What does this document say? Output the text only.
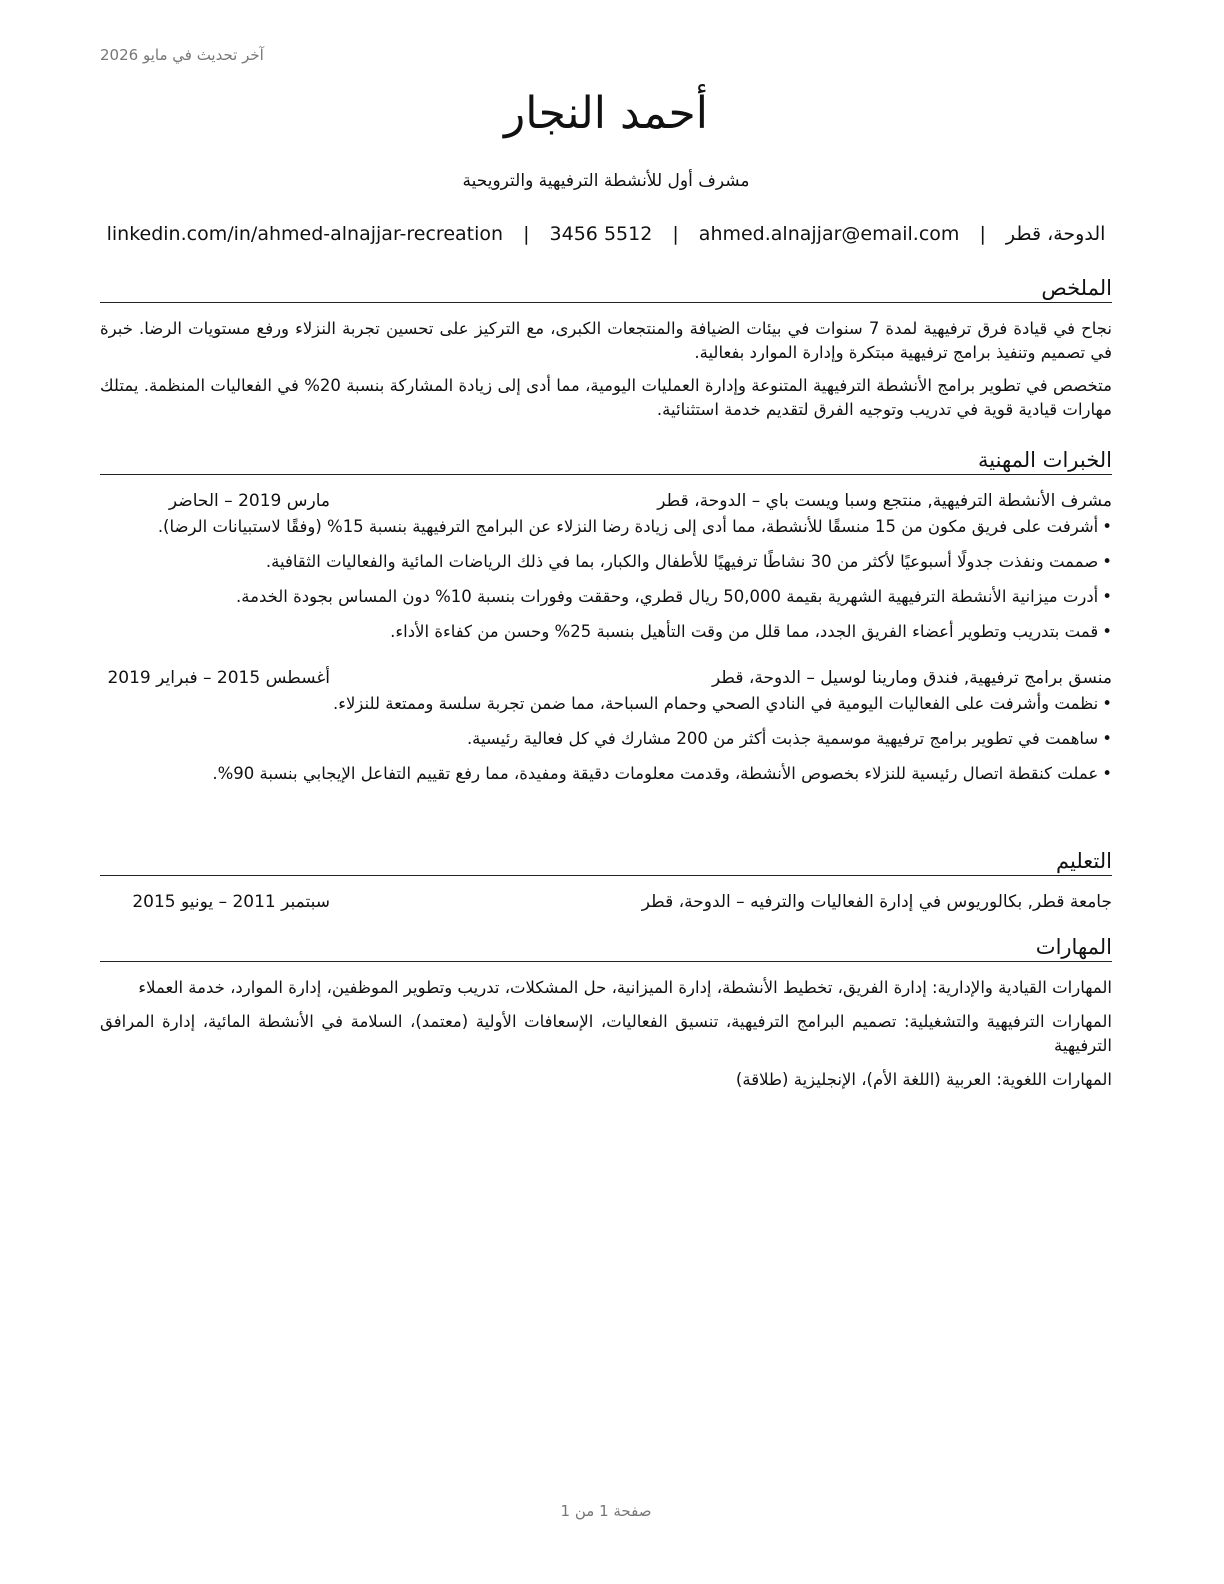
آخر تحديث في مايو 2026
أحمد النجار
مشرف أول للأنشطة الترفيهية والترويحية
linkedin.com/in/ahmed-alnajjar-recreation | 3456 5512 | ahmed.alnajjar@email.com | الدوحة، قطر
الملخص

نجاح في قيادة فرق ترفيهية لمدة 7 سنوات في بيئات الضيافة والمنتجعات الكبرى، مع التركيز على تحسين تجربة النزلاء ورفع مستويات الرضا. خبرة في تصميم وتنفيذ برامج ترفيهية مبتكرة وإدارة الموارد بفعالية.

متخصص في تطوير برامج الأنشطة الترفيهية المتنوعة وإدارة العمليات اليومية، مما أدى إلى زيادة المشاركة بنسبة 20% في الفعاليات المنظمة. يمتلك مهارات قيادية قوية في تدريب وتوجيه الفرق لتقديم خدمة استثنائية.

الخبرات المهنية
مشرف الأنشطة الترفيهية, منتجع وسبا ويست باي – الدوحة، قطر
مارس 2019 – الحاضر

•أشرفت على فريق مكون من 15 منسقًا للأنشطة، مما أدى إلى زيادة رضا النزلاء عن البرامج الترفيهية بنسبة 15% (وفقًا لاستبيانات الرضا).

•صممت ونفذت جدولًا أسبوعيًا لأكثر من 30 نشاطًا ترفيهيًا للأطفال والكبار، بما في ذلك الرياضات المائية والفعاليات الثقافية.

•أدرت ميزانية الأنشطة الترفيهية الشهرية بقيمة 50,000 ريال قطري، وحققت وفورات بنسبة 10% دون المساس بجودة الخدمة.

•قمت بتدريب وتطوير أعضاء الفريق الجدد، مما قلل من وقت التأهيل بنسبة 25% وحسن من كفاءة الأداء.

منسق برامج ترفيهية, فندق ومارينا لوسيل – الدوحة، قطر
أغسطس 2015 – فبراير 2019

•نظمت وأشرفت على الفعاليات اليومية في النادي الصحي وحمام السباحة، مما ضمن تجربة سلسة وممتعة للنزلاء.

•ساهمت في تطوير برامج ترفيهية موسمية جذبت أكثر من 200 مشارك في كل فعالية رئيسية.

•عملت كنقطة اتصال رئيسية للنزلاء بخصوص الأنشطة، وقدمت معلومات دقيقة ومفيدة، مما رفع تقييم التفاعل الإيجابي بنسبة 90%.

التعليم
جامعة قطر, بكالوريوس في إدارة الفعاليات والترفيه – الدوحة، قطر
سبتمبر 2011 – يونيو 2015
المهارات

المهارات القيادية والإدارية: إدارة الفريق، تخطيط الأنشطة، إدارة الميزانية، حل المشكلات، تدريب وتطوير الموظفين، إدارة الموارد، خدمة العملاء

المهارات الترفيهية والتشغيلية: تصميم البرامج الترفيهية، تنسيق الفعاليات، الإسعافات الأولية (معتمد)، السلامة في الأنشطة المائية، إدارة المرافق الترفيهية

المهارات اللغوية: العربية (اللغة الأم)، الإنجليزية (طلاقة)

صفحة 1 من 1
